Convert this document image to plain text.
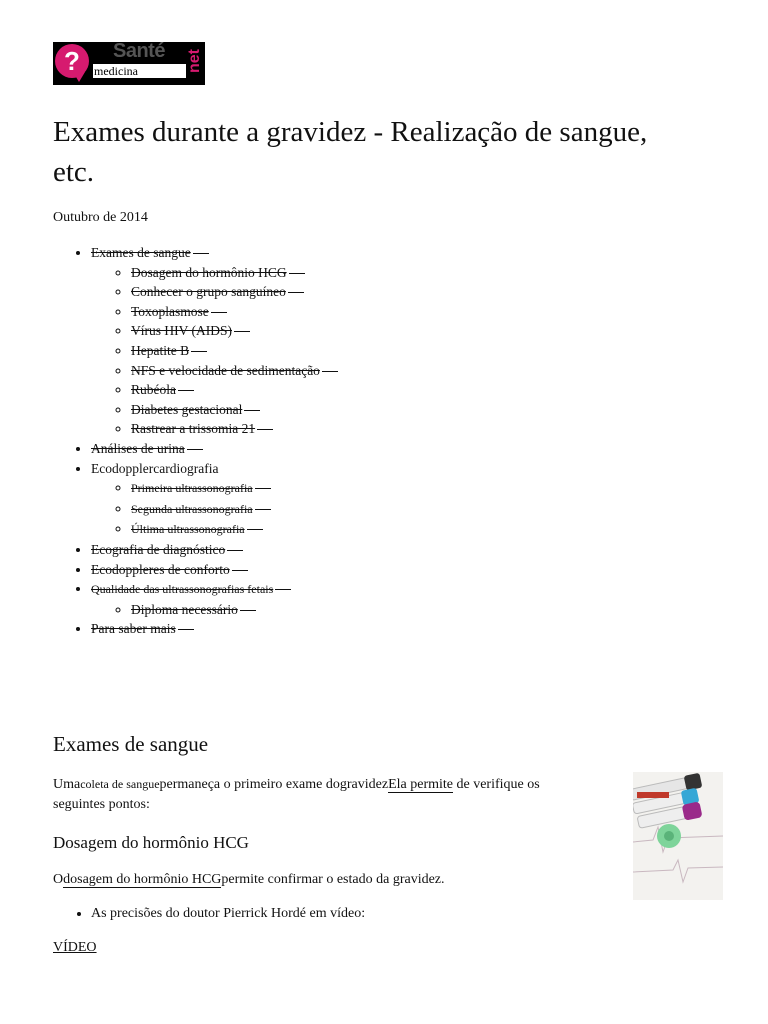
?	Santé net
medicina
Exames durante a gravidez - Realização de sangue, etc.
Outubro de 2014
• Exames de sangue
◦ Dosagem do hormônio HCG
◦ Conhecer o grupo sanguíneo
◦ Toxoplasmose
◦ Vírus HIV (AIDS)
◦ Hepatite B
◦ NFS e velocidade de sedimentação
◦ Rubéola
◦ Diabetes gestacional
◦ Rastrear a trissomia 21
• Análises de urina
• Ecodopplercardiografia
◦ Primeira ultrassonografia
◦ Segunda ultrassonografia
◦ Última ultrassonografia
• Ecografia de diagnóstico
• Ecodoppleres de conforto
• Qualidade das ultrassonografias fetais
◦ Diploma necessário
• Para saber mais
Exames de sangue

Umacoleta de sanguepermaneça o primeiro exame dogravidezEla permite de verifique os seguintes pontos:

Dosagem do hormônio HCG

Odosagem do hormônio HCGpermite confirmar o estado da gravidez.

• As precisões do doutor Pierrick Hordé em vídeo:
VÍDEO
